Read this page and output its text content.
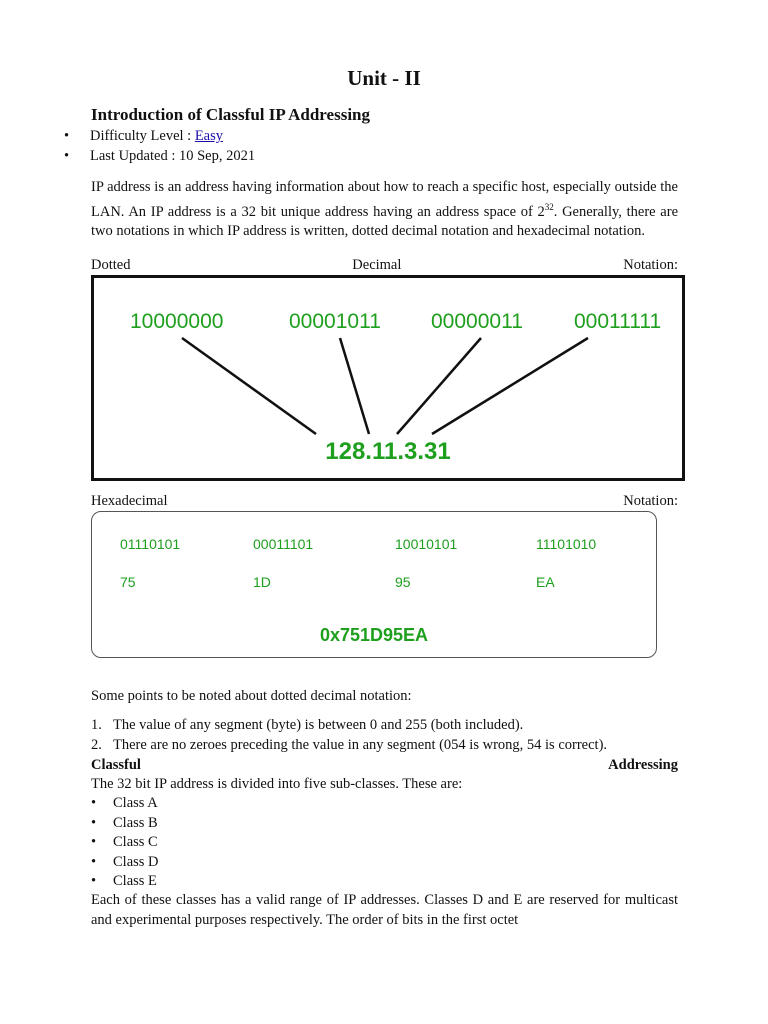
Unit - II
Introduction of Classful IP Addressing
• Difficulty Level : Easy
• Last Updated : 10 Sep, 2021
IP address is an address having information about how to reach a specific host, especially outside the LAN. An IP address is a 32 bit unique address having an address space of $2^{32}$. Generally, there are two notations in which IP address is written, dotted decimal notation and hexadecimal notation.
Dotted	Decimal	Notation:
10000000	00001011 00000011 00011111
128.11.3.31
Hexadecimal	Notation:
01110101	00011101	10010101	11101010
75	1D	95	EA
0x751D95EA
Some points to be noted about dotted decimal notation:
1. The value of any segment (byte) is between 0 and 255 (both included).
2. There are no zeroes preceding the value in any segment (054 is wrong, 54 is correct).
Classful	Addressing
The 32 bit IP address is divided into five sub-classes. These are:
• Class A
• Class B
• Class C
• Class D
• Class E
Each of these classes has a valid range of IP addresses. Classes D and E are reserved for multicast and experimental purposes respectively. The order of bits in the first octet
